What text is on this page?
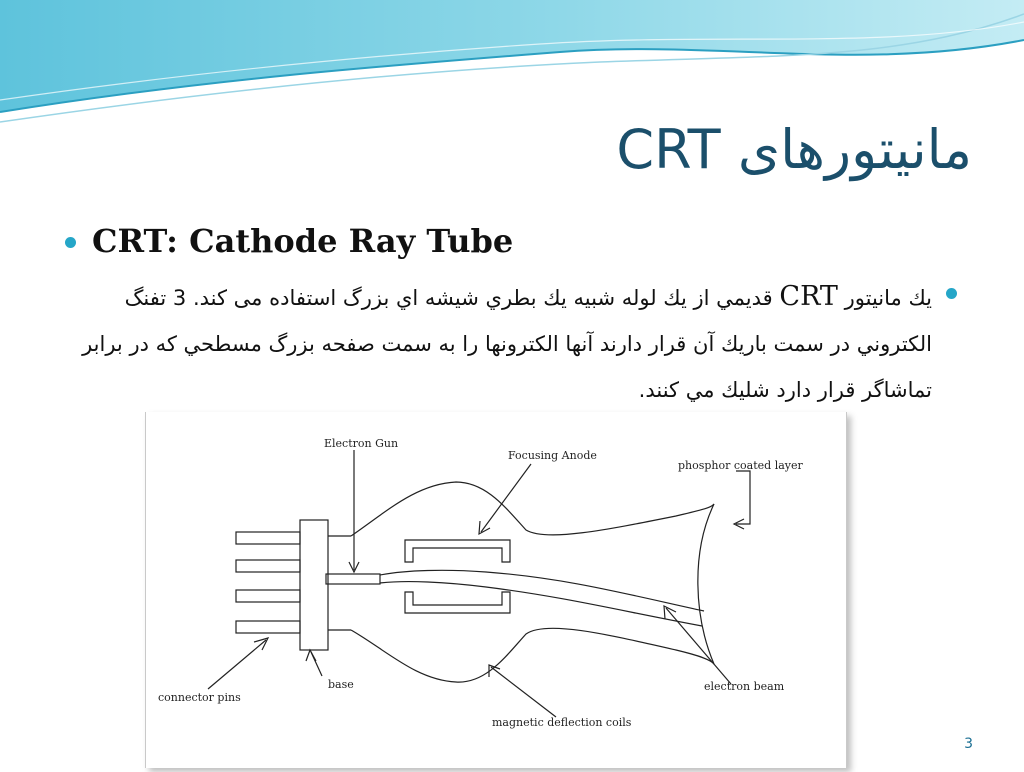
مانیتورهای CRT
CRT: Cathode Ray Tube
يك مانيتور CRT قديمي از يك لوله شبيه يك بطري شيشه اي بزرگ استفاده مى كند. 3 تفنگ الكتروني در سمت باريك آن قرار دارند آنها الكترونها را به سمت صفحه بزرگ مسطحي كه در برابر تماشاگر قرار دارد شليك مي كنند.
Electron Gun
Focusing Anode
phosphor coated layer
connector pins
base	electron beam
magnetic deflection coils
3
